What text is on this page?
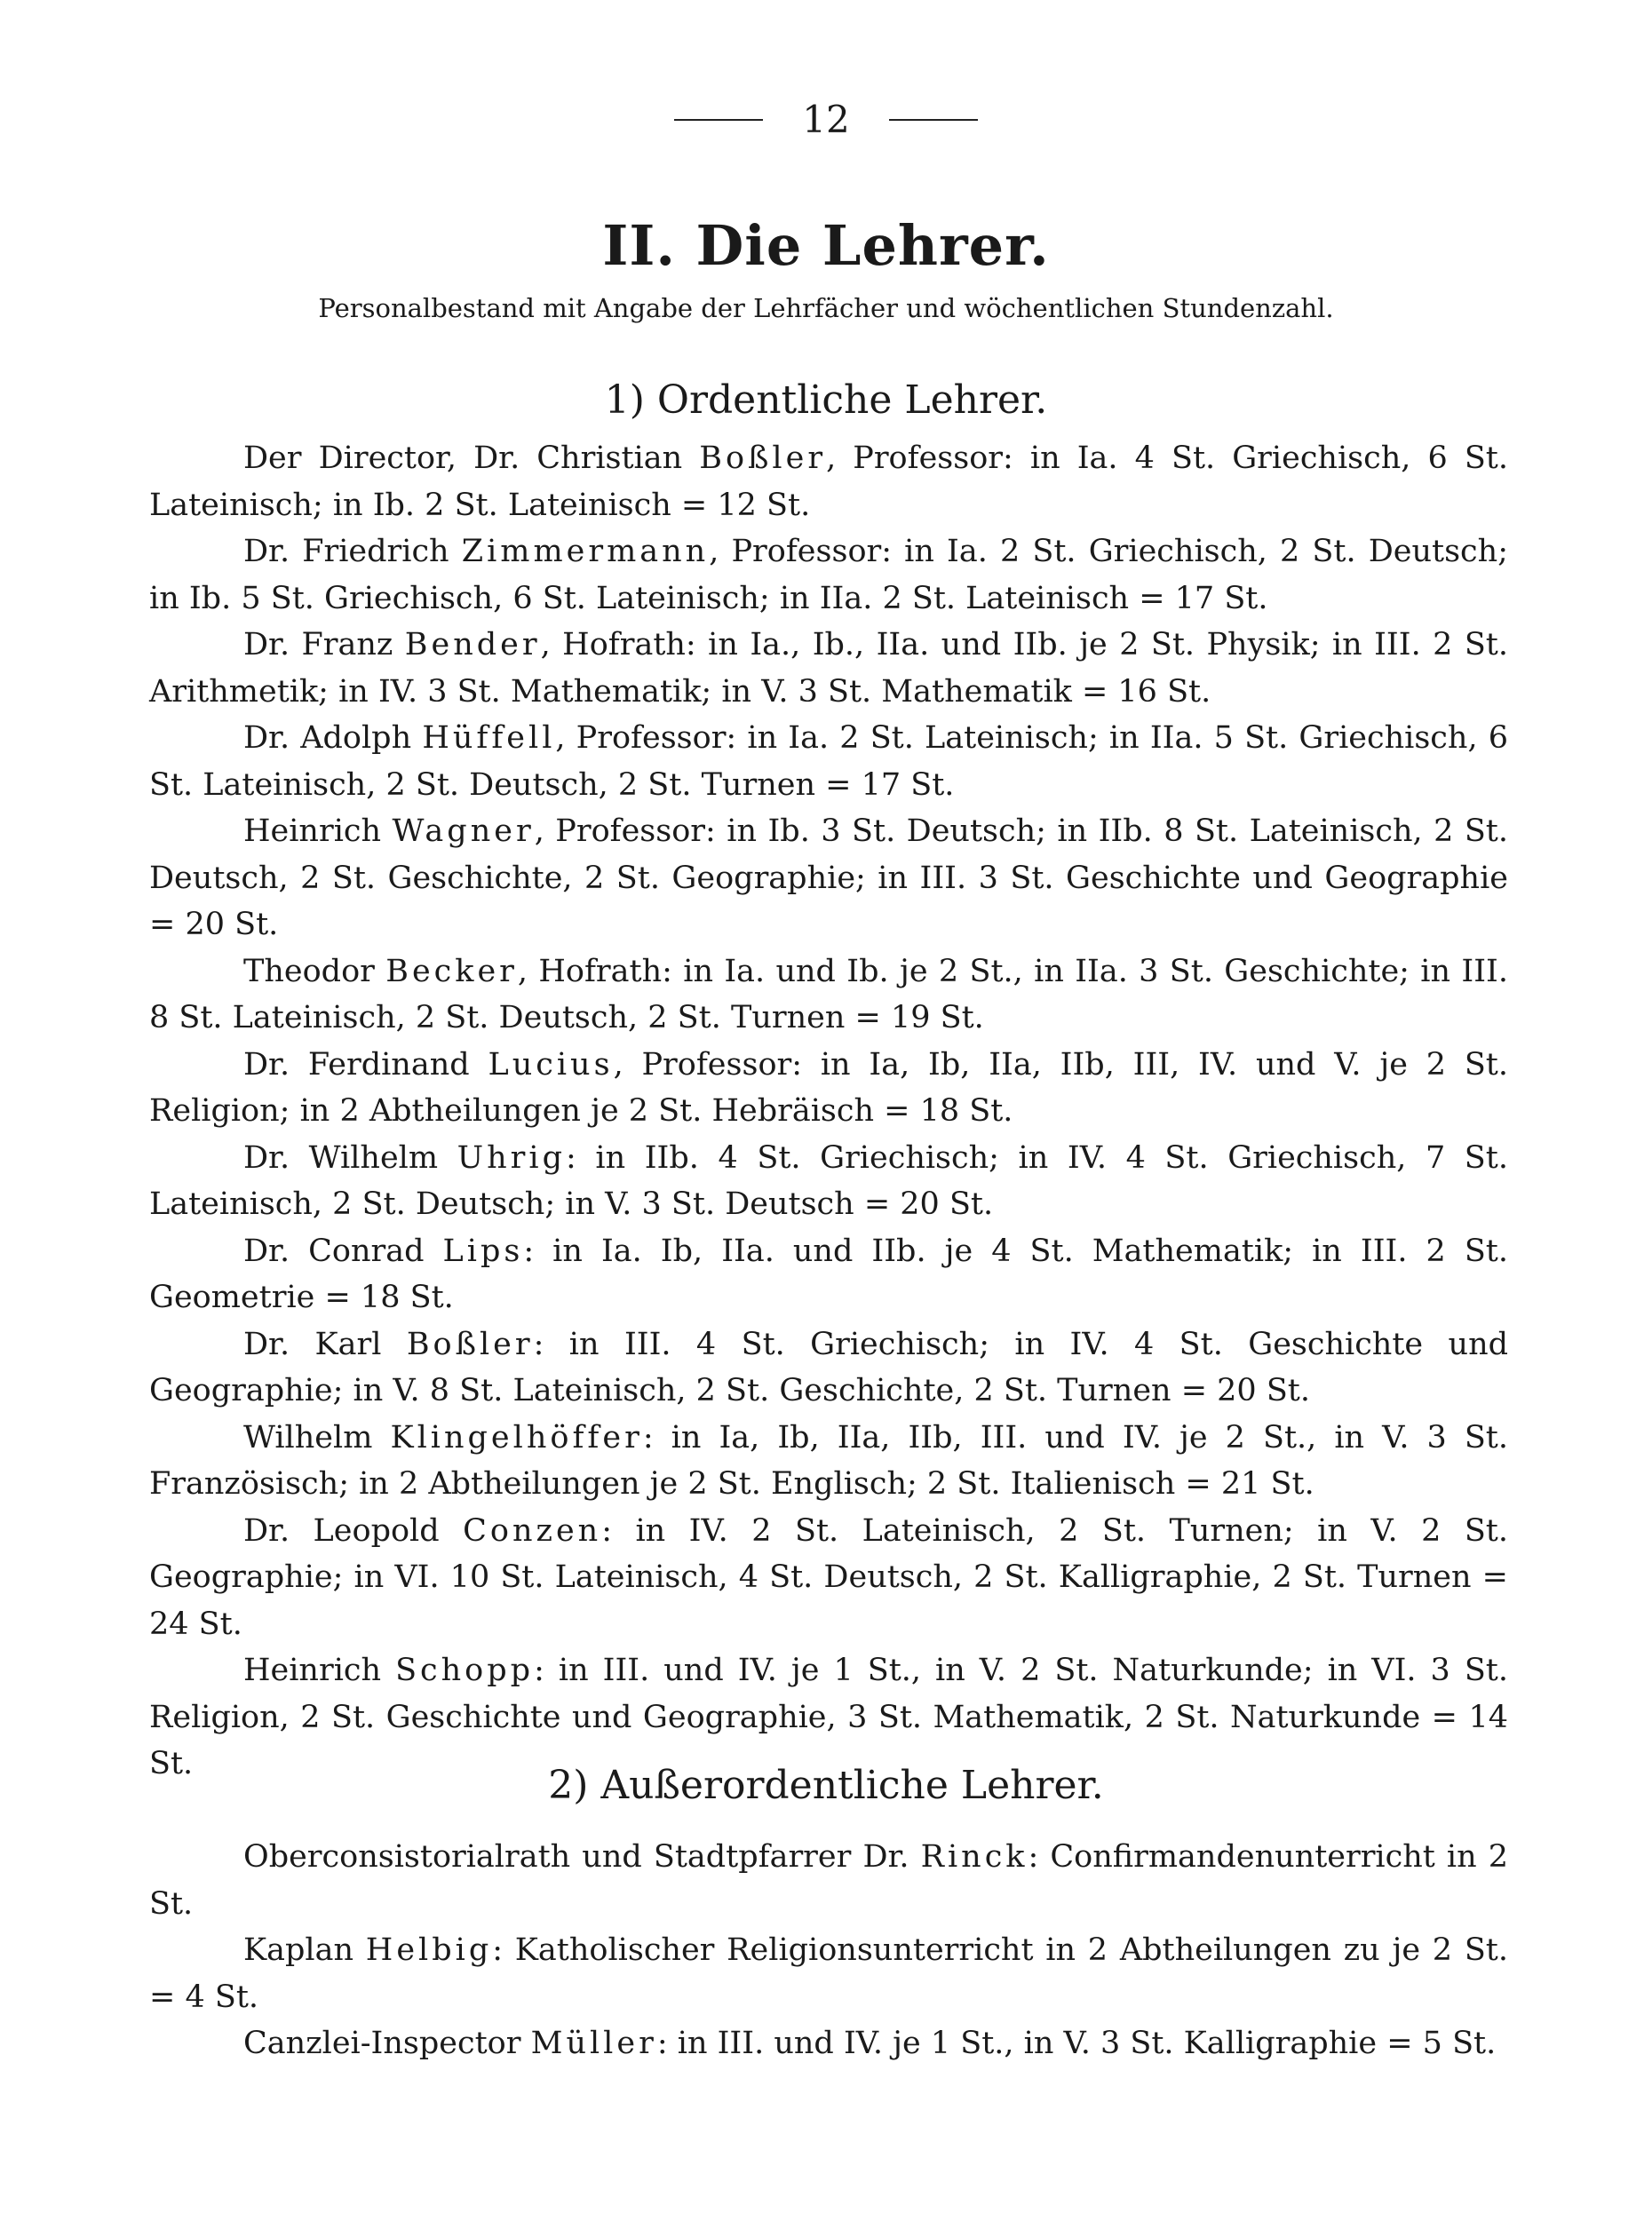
12
II. Die Lehrer.
Personalbestand mit Angabe der Lehrfächer und wöchentlichen Stundenzahl.
1) Ordentliche Lehrer.

Der Director, Dr. Christian Boßler, Professor: in Ia. 4 St. Griechisch, 6 St. Lateinisch; in Ib. 2 St. Lateinisch = 12 St.

Dr. Friedrich Zimmermann, Professor: in Ia. 2 St. Griechisch, 2 St. Deutsch; in Ib. 5 St. Griechisch, 6 St. Lateinisch; in IIa. 2 St. Lateinisch = 17 St.

Dr. Franz Bender, Hofrath: in Ia., Ib., IIa. und IIb. je 2 St. Physik; in III. 2 St. Arithmetik; in IV. 3 St. Mathematik; in V. 3 St. Mathematik = 16 St.

Dr. Adolph Hüffell, Professor: in Ia. 2 St. Lateinisch; in IIa. 5 St. Griechisch, 6 St. Lateinisch, 2 St. Deutsch, 2 St. Turnen = 17 St.

Heinrich Wagner, Professor: in Ib. 3 St. Deutsch; in IIb. 8 St. Lateinisch, 2 St. Deutsch, 2 St. Geschichte, 2 St. Geographie; in III. 3 St. Geschichte und Geographie = 20 St.

Theodor Becker, Hofrath: in Ia. und Ib. je 2 St., in IIa. 3 St. Geschichte; in III. 8 St. Lateinisch, 2 St. Deutsch, 2 St. Turnen = 19 St.

Dr. Ferdinand Lucius, Professor: in Ia, Ib, IIa, IIb, III, IV. und V. je 2 St. Religion; in 2 Abtheilungen je 2 St. Hebräisch = 18 St.

Dr. Wilhelm Uhrig: in IIb. 4 St. Griechisch; in IV. 4 St. Griechisch, 7 St. Lateinisch, 2 St. Deutsch; in V. 3 St. Deutsch = 20 St.

Dr. Conrad Lips: in Ia. Ib, IIa. und IIb. je 4 St. Mathematik; in III. 2 St. Geometrie = 18 St.

Dr. Karl Boßler: in III. 4 St. Griechisch; in IV. 4 St. Geschichte und Geographie; in V. 8 St. Lateinisch, 2 St. Geschichte, 2 St. Turnen = 20 St.

Wilhelm Klingelhöffer: in Ia, Ib, IIa, IIb, III. und IV. je 2 St., in V. 3 St. Französisch; in 2 Abtheilungen je 2 St. Englisch; 2 St. Italienisch = 21 St.

Dr. Leopold Conzen: in IV. 2 St. Lateinisch, 2 St. Turnen; in V. 2 St. Geographie; in VI. 10 St. Lateinisch, 4 St. Deutsch, 2 St. Kalligraphie, 2 St. Turnen = 24 St.

Heinrich Schopp: in III. und IV. je 1 St., in V. 2 St. Naturkunde; in VI. 3 St. Religion, 2 St. Geschichte und Geographie, 3 St. Mathematik, 2 St. Naturkunde = 14 St.	2) Außerordentliche Lehrer.

Oberconsistorialrath und Stadtpfarrer Dr. Rinck: Confirmandenunterricht in 2 St.

Kaplan Helbig: Katholischer Religionsunterricht in 2 Abtheilungen zu je 2 St. = 4 St.

Canzlei-Inspector Müller: in III. und IV. je 1 St., in V. 3 St. Kalligraphie = 5 St.
